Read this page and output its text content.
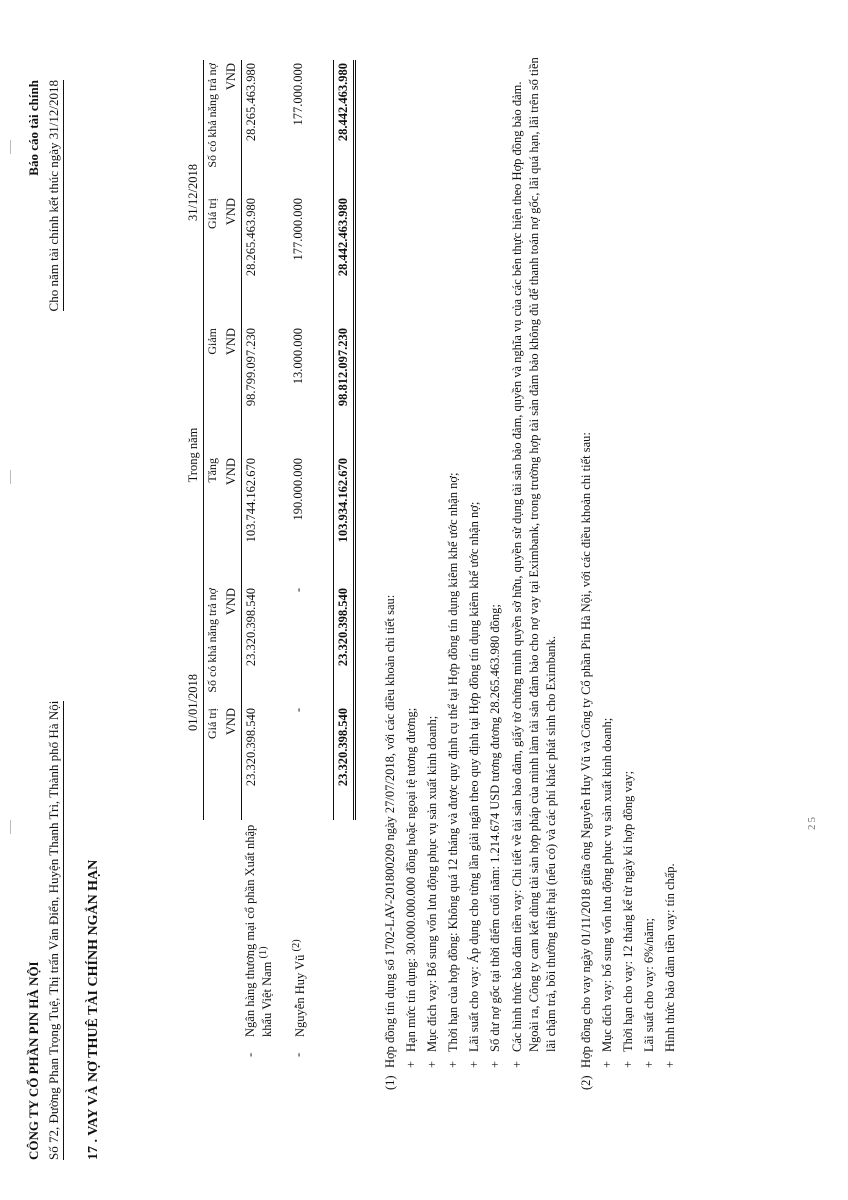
CÔNG TY CỔ PHẦN PIN HÀ NỘI Số 72, Đường Phan Trọng Tuệ, Thị trấn Văn Điển, Huyện Thanh Trì, Thành phố Hà Nội
Báo cáo tài chính Cho năm tài chính kết thúc ngày 31/12/2018
17 . VAY VÀ NỢ THUÊ TÀI CHÍNH NGẮN HẠN
		01/01/2018		Trong năm		31/12/2018	
		Giá trị	Số có khả năng trả nợ	Tăng	Giảm	Giá trị	Số có khả năng trả nợ
		VND	VND	VND	VND	VND	VND
-	Ngân hàng thương mại cổ phần Xuất nhập khẩu Việt Nam $^{(1)}$	23.320.398.540	23.320.398.540	103.744.162.670	98.799.097.230	28.265.463.980	28.265.463.980
-	Nguyễn Huy Vũ $^{(2)}$	-	-	190.000.000	13.000.000	177.000.000	177.000.000

		23.320.398.540	23.320.398.540	103.934.162.670	98.812.097.230	28.442.463.980	28.442.463.980
(1)
Hợp đồng tín dụng số 1702-LAV-201800209 ngày 27/07/2018, với các điều khoản chi tiết sau: +
Hạn mức tín dụng: 30.000.000.000 đồng hoặc ngoại tệ tương đương;
+
Mục đích vay: Bổ sung vốn lưu động phục vụ sản xuất kinh doanh;
+
Thời hạn của hợp đồng: Không quá 12 tháng và được quy định cụ thể tại Hợp đồng tín dụng kiêm khế ước nhận nợ;
+
Lãi suất cho vay: Áp dụng cho từng lần giải ngân theo quy định tại Hợp đồng tín dụng kiêm khế ước nhận nợ;
+
Số dư nợ gốc tại thời điểm cuối năm: 1.214.674 USD tương đương 28.265.463.980 đồng;
+
Các hình thức bảo đảm tiền vay: Chi tiết về tài sản bảo đảm, giấy tờ chứng minh quyền sở hữu, quyền sử dụng tài sản bảo đảm, quyền và nghĩa vụ của các bên thực hiện theo Hợp đồng bảo đảm. Ngoài ra, Công ty cam kết dùng tài sản hợp pháp của mình làm tài sản đảm bảo cho nợ vay tại Eximbank, trong trường hợp tài sản đảm bảo không đủ để thanh toán nợ gốc, lãi quá hạn, lãi trên số tiền lãi chậm trả, bồi thường thiệt hại (nếu có) và các phí khác phát sinh cho Eximbank.
(2)
Hợp đồng cho vay ngày 01/11/2018 giữa ông Nguyễn Huy Vũ và Công ty Cổ phần Pin Hà Nội, với các điều khoản chi tiết sau: +
Mục đích vay: bổ sung vốn lưu động phục vụ sản xuất kinh doanh;
+
Thời hạn cho vay: 12 tháng kể từ ngày kí hợp đồng vay;
+
Lãi suất cho vay: 6%/năm;
+
Hình thức bảo đảm tiền vay: tín chấp.
25
